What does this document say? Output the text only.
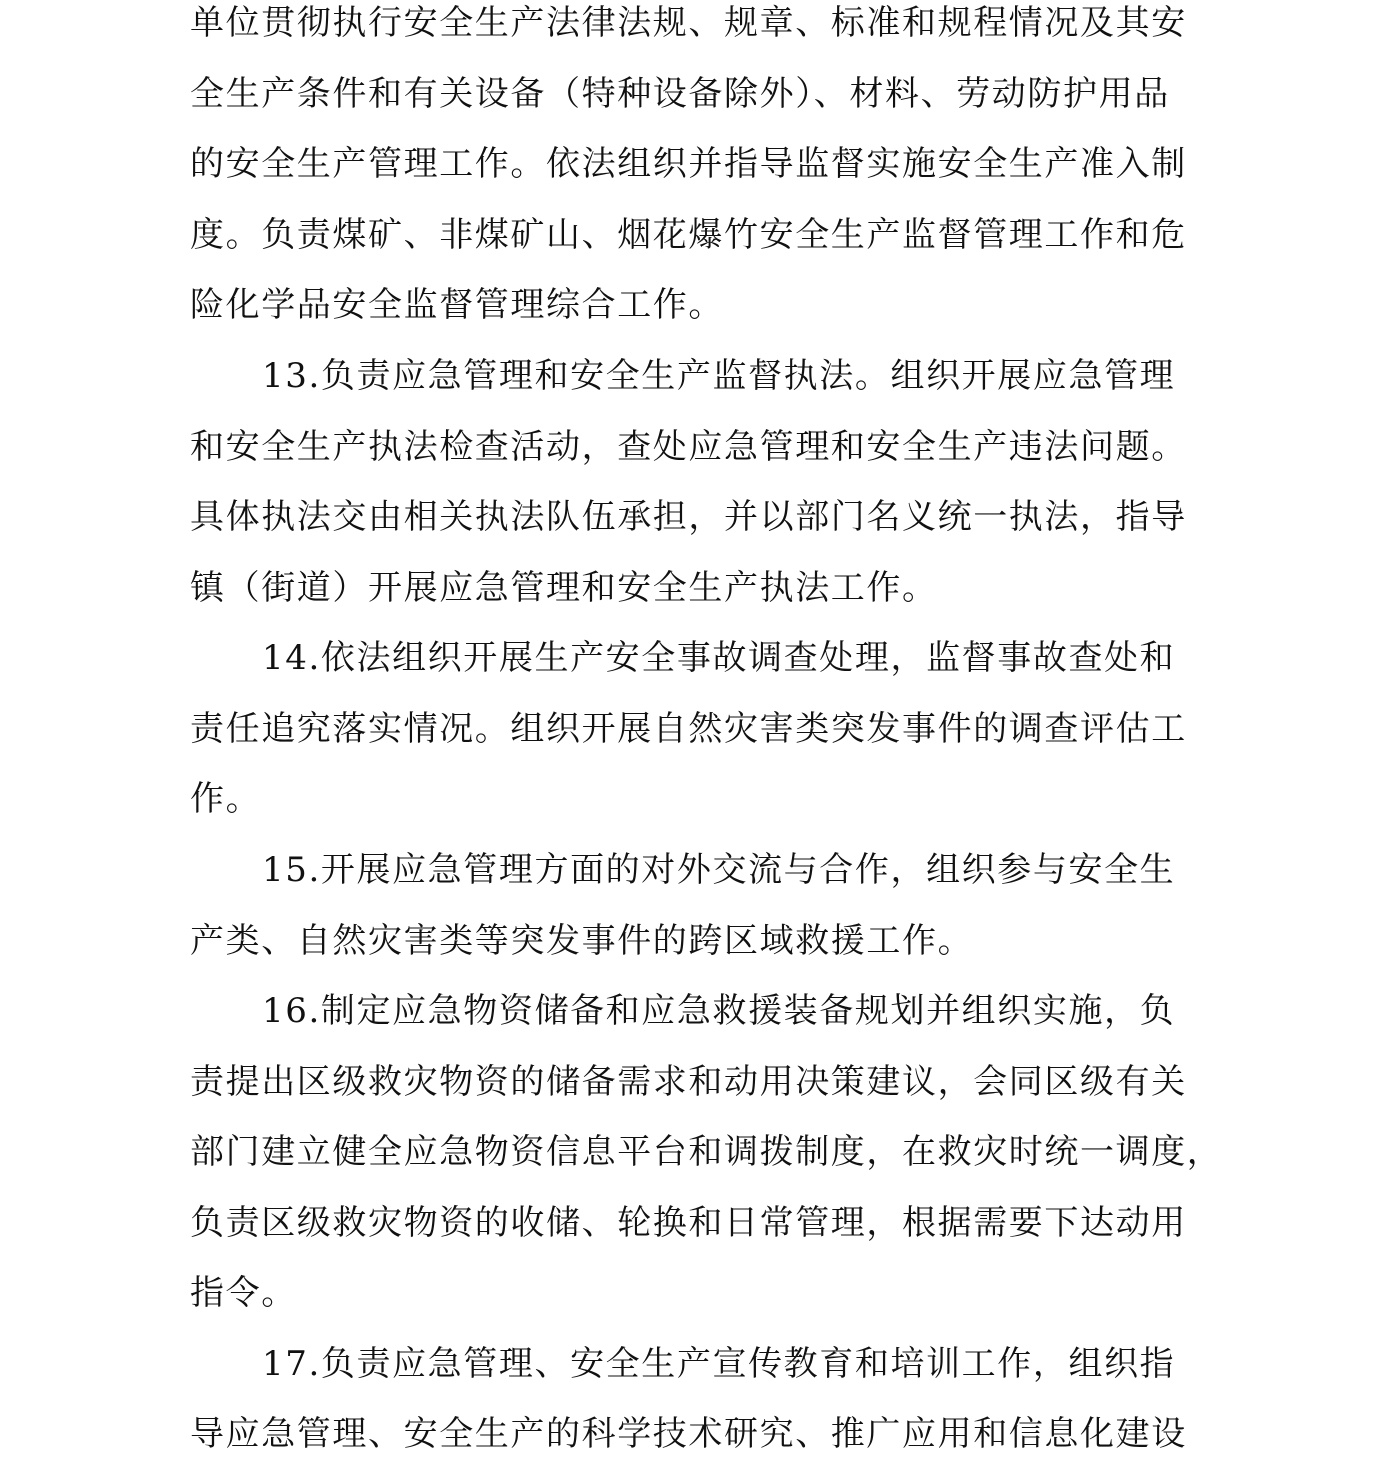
单位贯彻执行安全生产法律法规、规章、标准和规程情况及其安
全生产条件和有关设备（特种设备除外）、材料、劳动防护用品
的安全生产管理工作。依法组织并指导监督实施安全生产准入制
度。负责煤矿、非煤矿山、烟花爆竹安全生产监督管理工作和危
险化学品安全监督管理综合工作。
13.负责应急管理和安全生产监督执法。组织开展应急管理
和安全生产执法检查活动，查处应急管理和安全生产违法问题。
具体执法交由相关执法队伍承担，并以部门名义统一执法，指导
镇（街道）开展应急管理和安全生产执法工作。
14.依法组织开展生产安全事故调查处理，监督事故查处和
责任追究落实情况。组织开展自然灾害类突发事件的调查评估工
作。
15.开展应急管理方面的对外交流与合作，组织参与安全生
产类、自然灾害类等突发事件的跨区域救援工作。
16.制定应急物资储备和应急救援装备规划并组织实施，负
责提出区级救灾物资的储备需求和动用决策建议，会同区级有关
部门建立健全应急物资信息平台和调拨制度，在救灾时统一调度，
负责区级救灾物资的收储、轮换和日常管理，根据需要下达动用
指令。
17.负责应急管理、安全生产宣传教育和培训工作，组织指
导应急管理、安全生产的科学技术研究、推广应用和信息化建设
